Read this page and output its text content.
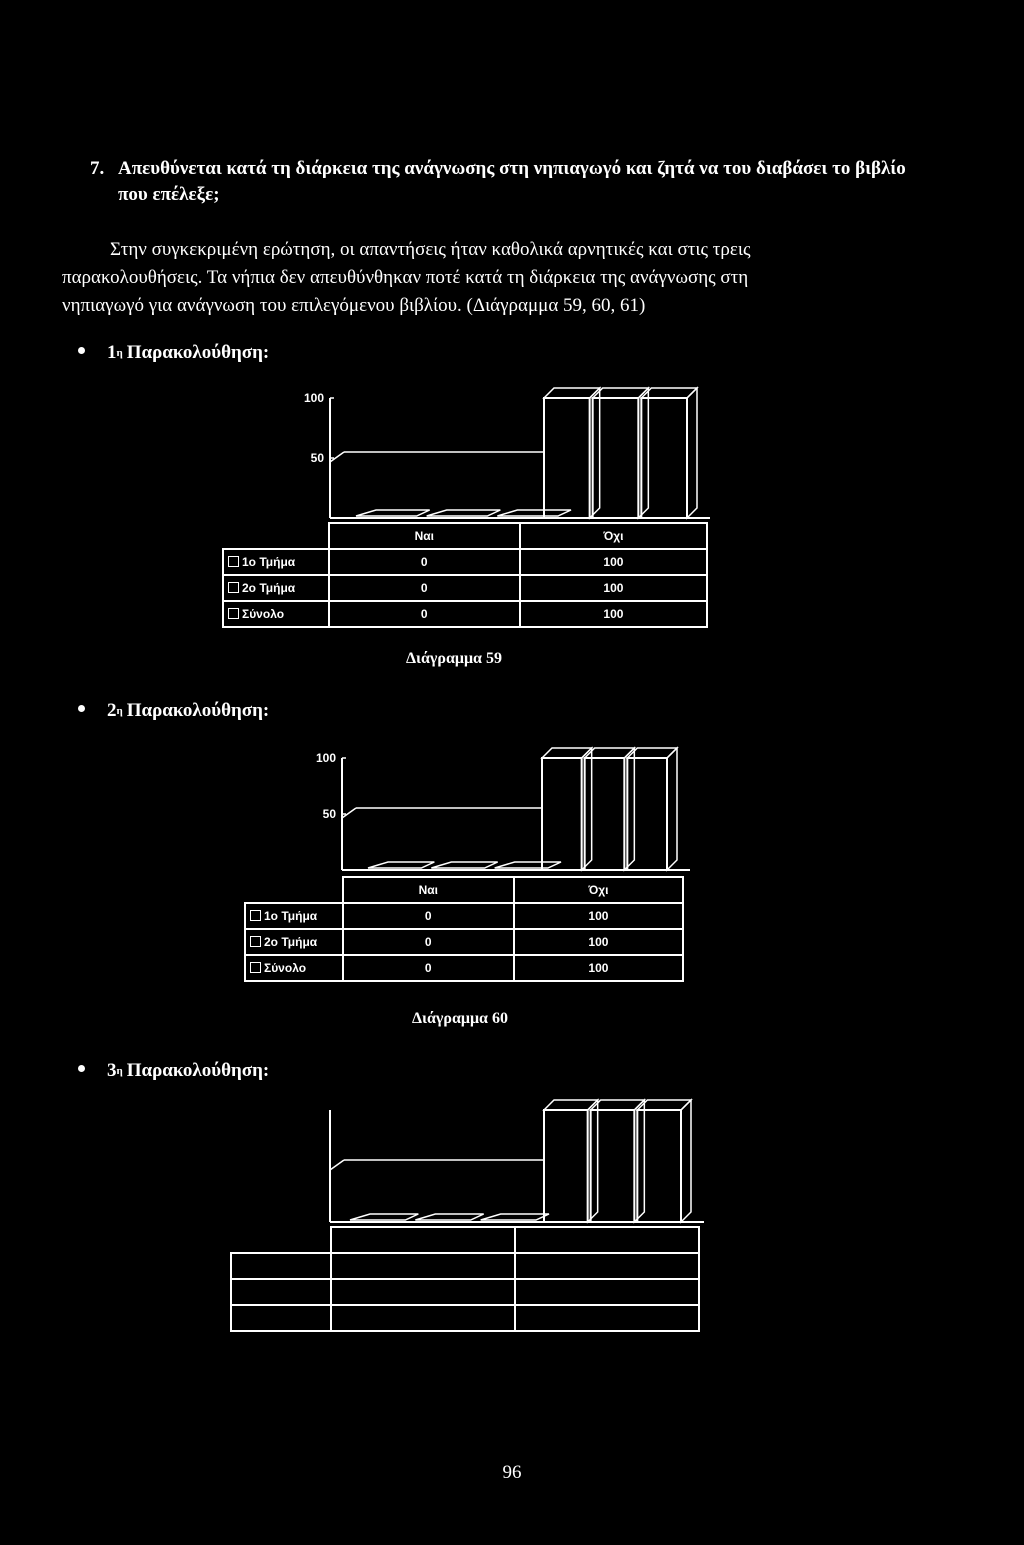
7. Απευθύνεται κατά τη διάρκεια της ανάγνωσης στη νηπιαγωγό και ζητά να του διαβάσει το βιβλίο που επέλεξε;
Στην συγκεκριμένη ερώτηση, οι απαντήσεις ήταν καθολικά αρνητικές και στις τρεις
παρακολουθήσεις. Τα νήπια δεν απευθύνθηκαν ποτέ κατά τη διάρκεια της ανάγνωσης στη
νηπιαγωγό για ανάγνωση του επιλεγόμενου βιβλίου. (Διάγραμμα 59, 60, 61)
$1^\eta$ Παρακολούθηση:
$2^\eta$ Παρακολούθηση:
$3^\eta$ Παρακολούθηση:
100
50
100
50
	Ναι	Όχι
1ο Τμήμα	0	100
2ο Τμήμα	0	100
Σύνολο	0	100
Διάγραμμα 59
	Ναι	Όχι
1ο Τμήμα	0	100
2ο Τμήμα	0	100
Σύνολο	0	100
Διάγραμμα 60

96
